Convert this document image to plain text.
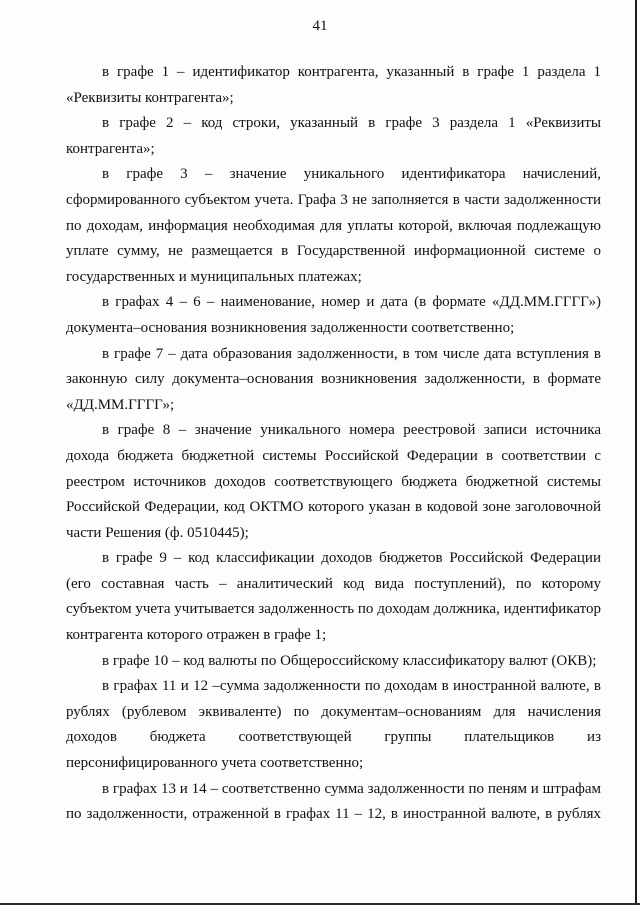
41

в графе 1 – идентификатор контрагента, указанный в графе 1 раздела 1 «Реквизиты контрагента»;

в графе 2 – код строки, указанный в графе 3 раздела 1 «Реквизиты контрагента»;

в графе 3 – значение уникального идентификатора начислений, сформированного субъектом учета. Графа 3 не заполняется в части задолженности по доходам, информация необходимая для уплаты которой, включая подлежащую уплате сумму, не размещается в Государственной информационной системе о государственных и муниципальных платежах;

в графах 4 – 6 – наименование, номер и дата (в формате «ДД.ММ.ГГГГ») документа–основания возникновения задолженности соответственно;

в графе 7 – дата образования задолженности, в том числе дата вступления в законную силу документа–основания возникновения задолженности, в формате «ДД.ММ.ГГГГ»;

в графе 8 – значение уникального номера реестровой записи источника дохода бюджета бюджетной системы Российской Федерации в соответствии с реестром источников доходов соответствующего бюджета бюджетной системы Российской Федерации, код ОКТМО которого указан в кодовой зоне заголовочной части Решения (ф. 0510445);

в графе 9 – код классификации доходов бюджетов Российской Федерации (его составная часть – аналитический код вида поступлений), по которому субъектом учета учитывается задолженность по доходам должника, идентификатор контрагента которого отражен в графе 1;

в графе 10 – код валюты по Общероссийскому классификатору валют (ОКВ);

в графах 11 и 12 –сумма задолженности по доходам в иностранной валюте, в рублях (рублевом эквиваленте) по документам–основаниям для начисления доходов бюджета соответствующей группы плательщиков из персонифицированного учета соответственно;

в графах 13 и 14 – соответственно сумма задолженности по пеням и штрафам по задолженности, отраженной в графах 11 – 12, в иностранной валюте, в рублях
